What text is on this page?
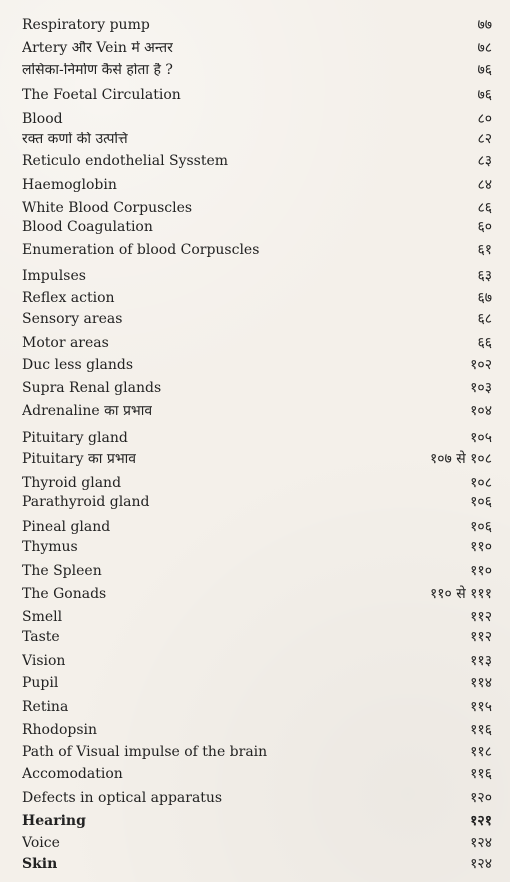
Respiratory pump	७७
Artery और Vein में अन्तर	७८
लसिका-निर्माण कैसे होता है ?	७६
The Foetal Circulation	७६
Blood	८०
रक्त कणों की उत्पत्ति	८२
Reticulo endothelial Sysstem	८३
Haemoglobin	८४
White Blood Corpuscles	८६
Blood Coagulation	६०
Enumeration of blood Corpuscles	६१
Impulses	६३
Reflex action	६७
Sensory areas	६८
Motor areas	६६
Duc less glands	१०२
Supra Renal glands	१०३
Adrenaline का प्रभाव	१०४
Pituitary gland	१०५
Pituitary का प्रभाव	१०७ से १०८
Thyroid gland	१०८
Parathyroid gland	१०६
Pineal gland	१०६
Thymus	११०
The Spleen	११०
The Gonads	११० से १११
Smell	११२
Taste	११२
Vision	११३
Pupil	११४
Retina	११५
Rhodopsin	११६
Path of Visual impulse of the brain	११८
Accomodation	११६
Defects in optical apparatus	१२०
Hearing	१२१
Voice	१२४
Skin	१२४
